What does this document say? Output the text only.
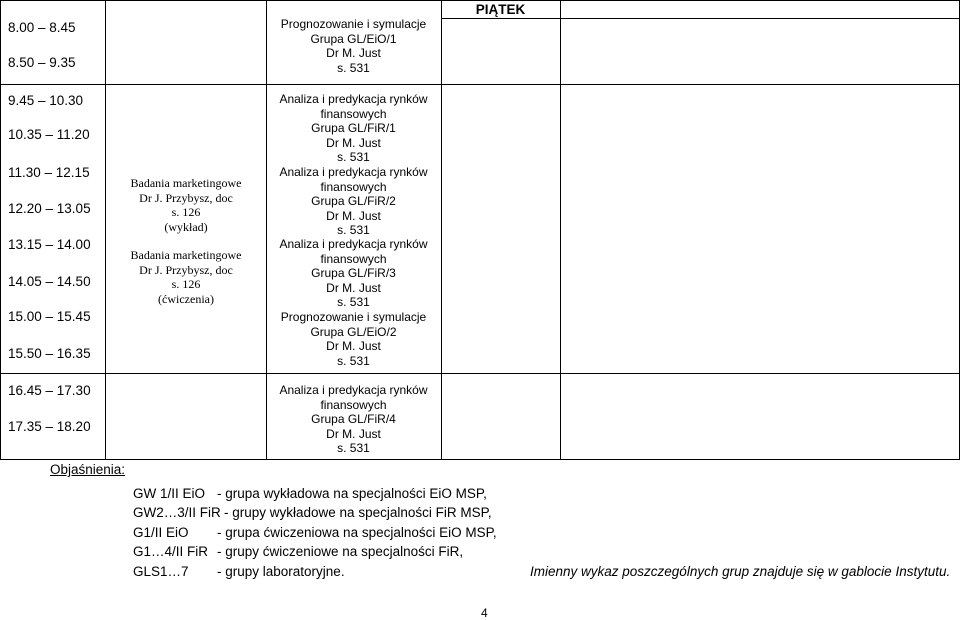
PIĄTEK
8.00 – 8.45
8.50 – 9.35
9.45 – 10.30
10.35 – 11.20
11.30 – 12.15
12.20 – 13.05
13.15 – 14.00
14.05 – 14.50
15.00 – 15.45
15.50 – 16.35
16.45 – 17.30
17.35 – 18.20
Badania marketingowe
Dr J. Przybysz, doc
s. 126
(wykład)
Badania marketingowe
Dr J. Przybysz, doc
s. 126
(ćwiczenia)
Prognozowanie i symulacje
Grupa GL/EiO/1
Dr M. Just
s. 531
Analiza i predykacja rynków
finansowych
Grupa GL/FiR/1
Dr M. Just
s. 531
Analiza i predykacja rynków
finansowych
Grupa GL/FiR/2
Dr M. Just
s. 531
Analiza i predykacja rynków
finansowych
Grupa GL/FiR/3
Dr M. Just
s. 531
Prognozowanie i symulacje
Grupa GL/EiO/2
Dr M. Just
s. 531
Analiza i predykacja rynków
finansowych
Grupa GL/FiR/4
Dr M. Just
s. 531
Objaśnienia:
GW 1/II EiO - grupa wykładowa na specjalności EiO MSP,
GW2…3/II FiR - grupy wykładowe na specjalności FiR MSP,
G1/II EiO - grupa ćwiczeniowa na specjalności EiO MSP,
G1…4/II FiR - grupy ćwiczeniowe na specjalności FiR,
GLS1…7 - grupy laboratoryjne.	Imienny wykaz poszczególnych grup znajduje się w gablocie Instytutu.
4
